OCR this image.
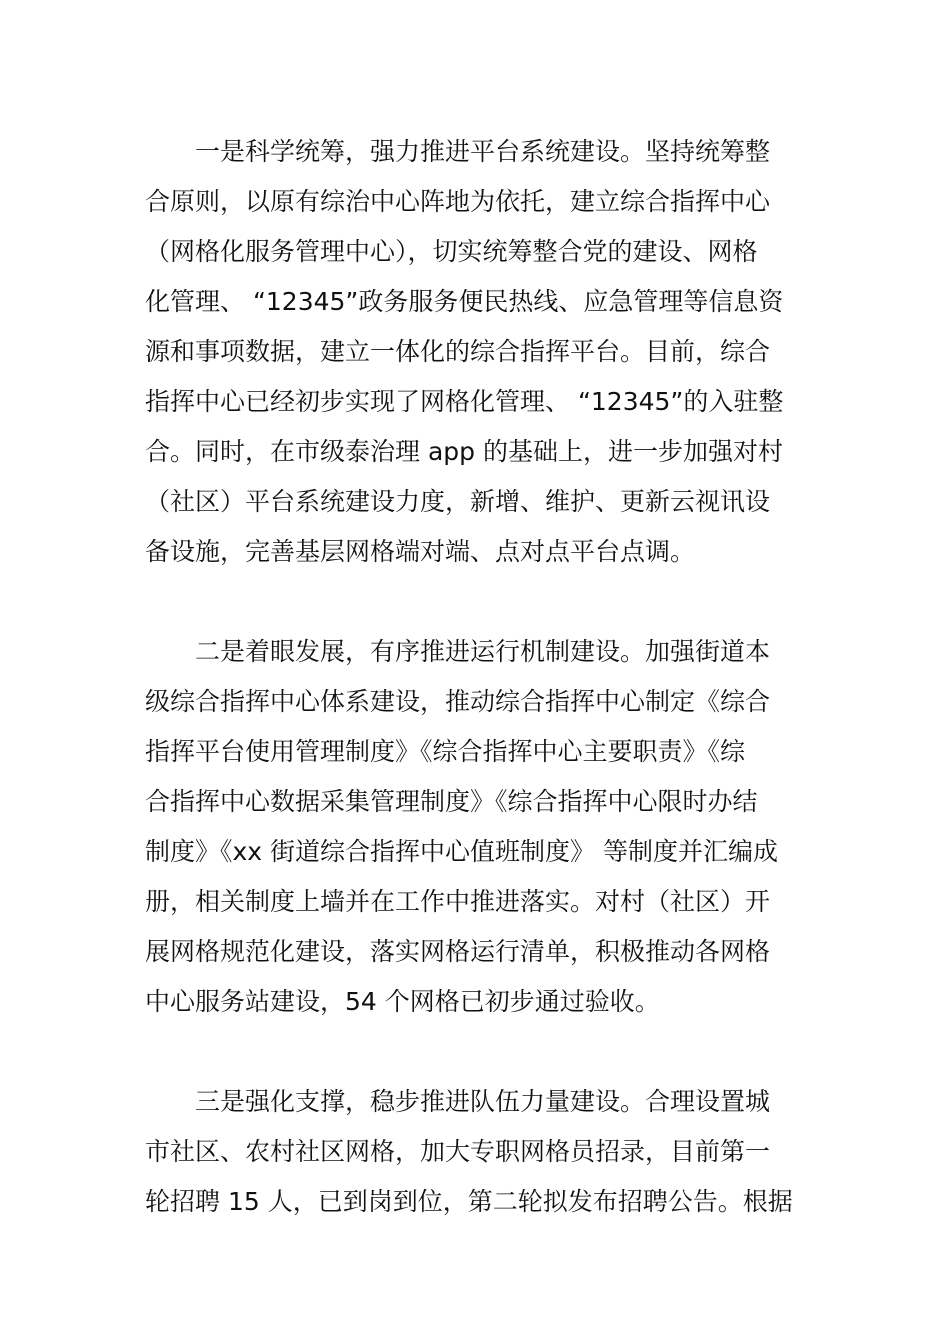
　　一是科学统筹，强力推进平台系统建设。坚持统筹整
合原则，以原有综治中心阵地为依托，建立综合指挥中心
（网格化服务管理中心），切实统筹整合党的建设、网格
化管理、 “12345”政务服务便民热线、应急管理等信息资
源和事项数据，建立一体化的综合指挥平台。目前，综合
指挥中心已经初步实现了网格化管理、 “12345”的入驻整
合。同时，在市级泰治理 app 的基础上，进一步加强对村
（社区）平台系统建设力度，新增、维护、更新云视讯设
备设施，完善基层网格端对端、点对点平台点调。

　　二是着眼发展，有序推进运行机制建设。加强街道本
级综合指挥中心体系建设，推动综合指挥中心制定《综合
指挥平台使用管理制度》《综合指挥中心主要职责》《综
合指挥中心数据采集管理制度》《综合指挥中心限时办结
制度》《xx 街道综合指挥中心值班制度》 等制度并汇编成
册，相关制度上墙并在工作中推进落实。对村（社区）开
展网格规范化建设，落实网格运行清单，积极推动各网格
中心服务站建设，54 个网格已初步通过验收。

　　三是强化支撑，稳步推进队伍力量建设。合理设置城
市社区、农村社区网格，加大专职网格员招录，目前第一
轮招聘 15 人，已到岗到位，第二轮拟发布招聘公告。根据
